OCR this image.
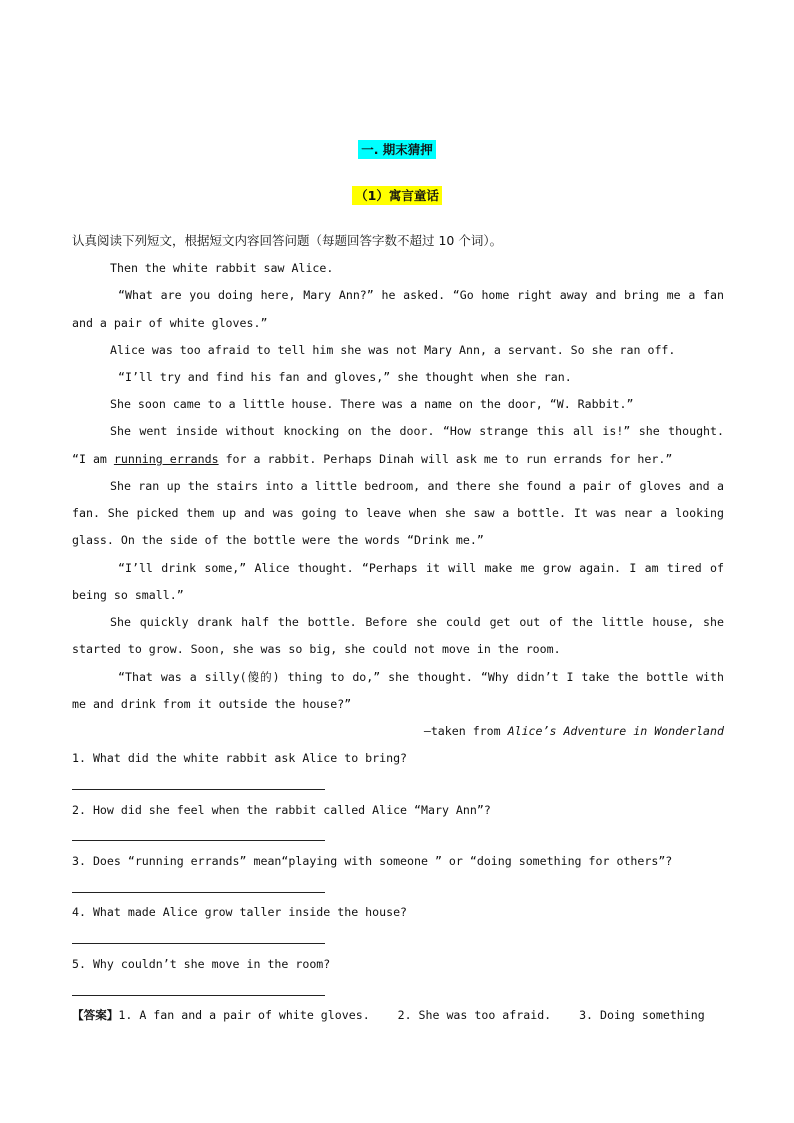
一. 期末猜押
（1）寓言童话
认真阅读下列短文，根据短文内容回答问题（每题回答字数不超过 10 个词）。
Then the white rabbit saw Alice.
“What are you doing here, Mary Ann?” he asked. “Go home right away and bring me a fan
and a pair of white gloves.”
Alice was too afraid to tell him she was not Mary Ann, a servant. So she ran off.
“I’ll try and find his fan and gloves,” she thought when she ran.
She soon came to a little house. There was a name on the door, “W. Rabbit.”
She went inside without knocking on the door. “How strange this all is!” she thought.
“I am running errands for a rabbit. Perhaps Dinah will ask me to run errands for her.”
She ran up the stairs into a little bedroom, and there she found a pair of gloves and a
fan. She picked them up and was going to leave when she saw a bottle. It was near a looking
glass. On the side of the bottle were the words “Drink me.”
“I’ll drink some,” Alice thought. “Perhaps it will make me grow again. I am tired of
being so small.”
She quickly drank half the bottle. Before she could get out of the little house, she
started to grow. Soon, she was so big, she could not move in the room.
“That was a silly(傻的) thing to do,” she thought. “Why didn’t I take the bottle with
me and drink from it outside the house?”
—taken from Alice’s Adventure in Wonderland
1. What did the white rabbit ask Alice to bring?
2. How did she feel when the rabbit called Alice “Mary Ann”?
3. Does “running errands” mean“playing with someone ” or “doing something for others”?
4. What made Alice grow taller inside the house?
5. Why couldn’t she move in the room?
【答案】1. A fan and a pair of white gloves.    2. She was too afraid.    3. Doing something
